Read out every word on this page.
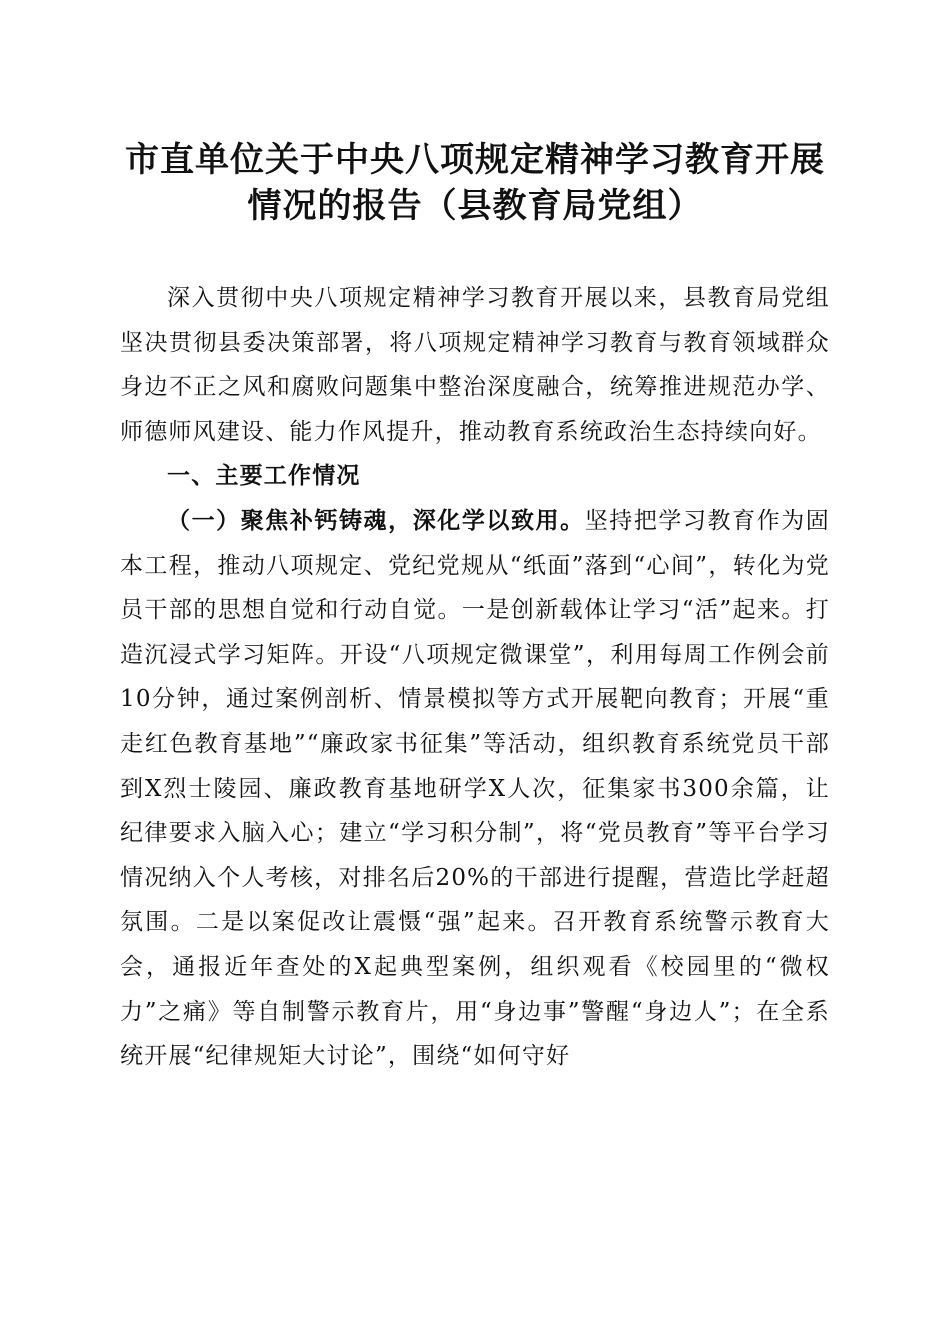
市直单位关于中央八项规定精神学习教育开展
情况的报告（县教育局党组）

深入贯彻中央八项规定精神学习教育开展以来，县教育局党组坚决贯彻县委决策部署，将八项规定精神学习教育与教育领域群众身边不正之风和腐败问题集中整治深度融合，统筹推进规范办学、师德师风建设、能力作风提升，推动教育系统政治生态持续向好。

一、主要工作情况

（一）聚焦补钙铸魂，深化学以致用。坚持把学习教育作为固本工程，推动八项规定、党纪党规从“纸面”落到“心间”，转化为党员干部的思想自觉和行动自觉。一是创新载体让学习“活”起来。打造沉浸式学习矩阵。开设“八项规定微课堂”，利用每周工作例会前10分钟，通过案例剖析、情景模拟等方式开展靶向教育；开展“重走红色教育基地”“廉政家书征集”等活动，组织教育系统党员干部到X烈士陵园、廉政教育基地研学X人次，征集家书300余篇，让纪律要求入脑入心；建立“学习积分制”，将“党员教育”等平台学习情况纳入个人考核，对排名后20%的干部进行提醒，营造比学赶超氛围。二是以案促改让震慑“强”起来。召开教育系统警示教育大会，通报近年查处的X起典型案例，组织观看《校园里的“微权力”之痛》等自制警示教育片，用“身边事”警醒“身边人”；在全系统开展“纪律规矩大讨论”，围绕“如何守好
